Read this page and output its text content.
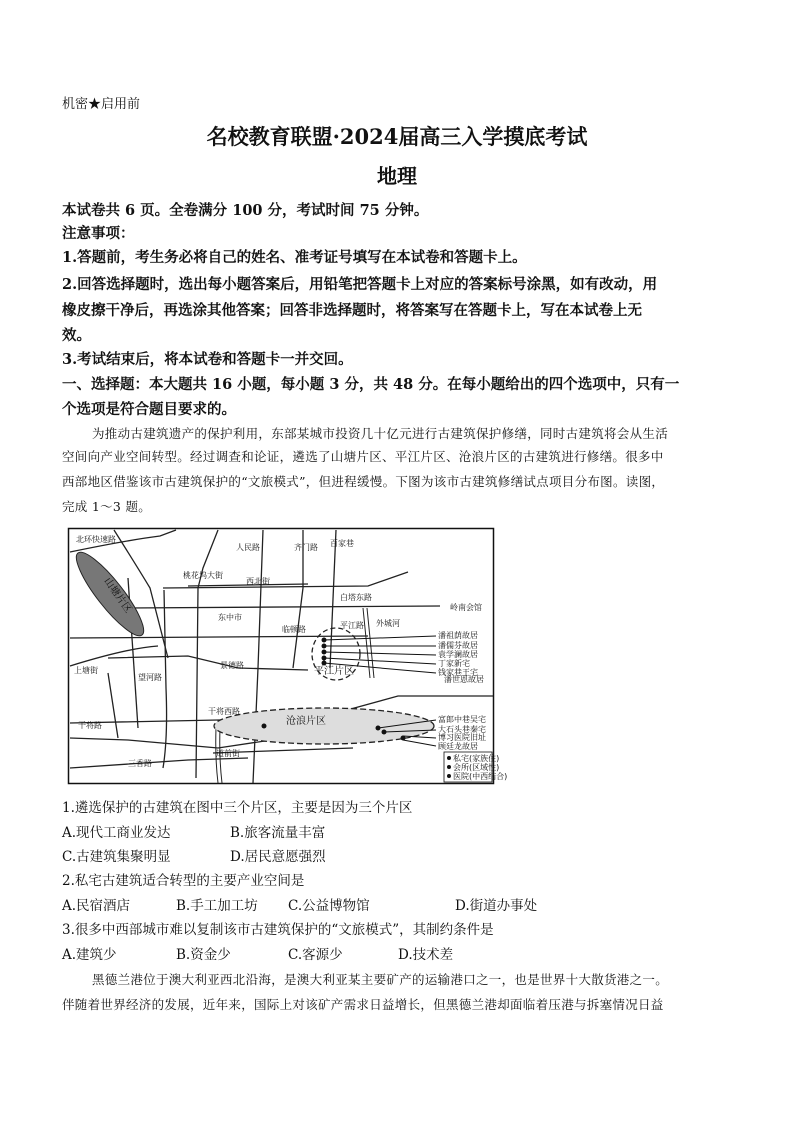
机密★启用前
名校教育联盟·2024届高三入学摸底考试
地理
本试卷共 6 页。全卷满分 100 分，考试时间 75 分钟。
注意事项：
1.答题前，考生务必将自己的姓名、准考证号填写在本试卷和答题卡上。
2.回答选择题时，选出每小题答案后，用铅笔把答题卡上对应的答案标号涂黑，如有改动，用
橡皮擦干净后，再选涂其他答案；回答非选择题时，将答案写在答题卡上，写在本试卷上无
效。
3.考试结束后，将本试卷和答题卡一并交回。
一、选择题：本大题共 16 小题，每小题 3 分，共 48 分。在每小题给出的四个选项中，只有一
个选项是符合题目要求的。
为推动古建筑遗产的保护利用，东部某城市投资几十亿元进行古建筑保护修缮，同时古建筑将会从生活
空间向产业空间转型。经过调查和论证，遴选了山塘片区、平江片区、沧浪片区的古建筑进行修缮。很多中
西部地区借鉴该市古建筑保护的“文旅模式”，但进程缓慢。下图为该市古建筑修缮试点项目分布图。读图，
完成 1～3 题。
山塘片区
平江片区
沧浪片区
北环快速路
人民路	齐门路 百家巷
桃花坞大街
西北街
白塔东路
岭南会馆
东中市
临顿路	平江路 外城河
上塘街
景德路
望河路	潘世恩故居
干将路
干将西路
道前街
三香路
潘祖荫故居
潘儒芬故居
袁学澜故居
丁家新宅
钱家巷王宅
富郎中巷吴宅
大石头巷秦宅
博习医院旧址
顾廷龙故居
私宅(家族住)
会所(区域性)
医院(中西结合)
1.遴选保护的古建筑在图中三个片区，主要是因为三个片区
A.现代工商业发达	B.旅客流量丰富
C.古建筑集聚明显	D.居民意愿强烈
2.私宅古建筑适合转型的主要产业空间是
A.民宿酒店	B.手工加工坊 C.公益博物馆	D.街道办事处
3.很多中西部城市难以复制该市古建筑保护的“文旅模式”，其制约条件是
A.建筑少	B.资金少	C.客源少	D.技术差
黑德兰港位于澳大利亚西北沿海，是澳大利亚某主要矿产的运输港口之一，也是世界十大散货港之一。
伴随着世界经济的发展，近年来，国际上对该矿产需求日益增长，但黑德兰港却面临着压港与拆塞情况日益
